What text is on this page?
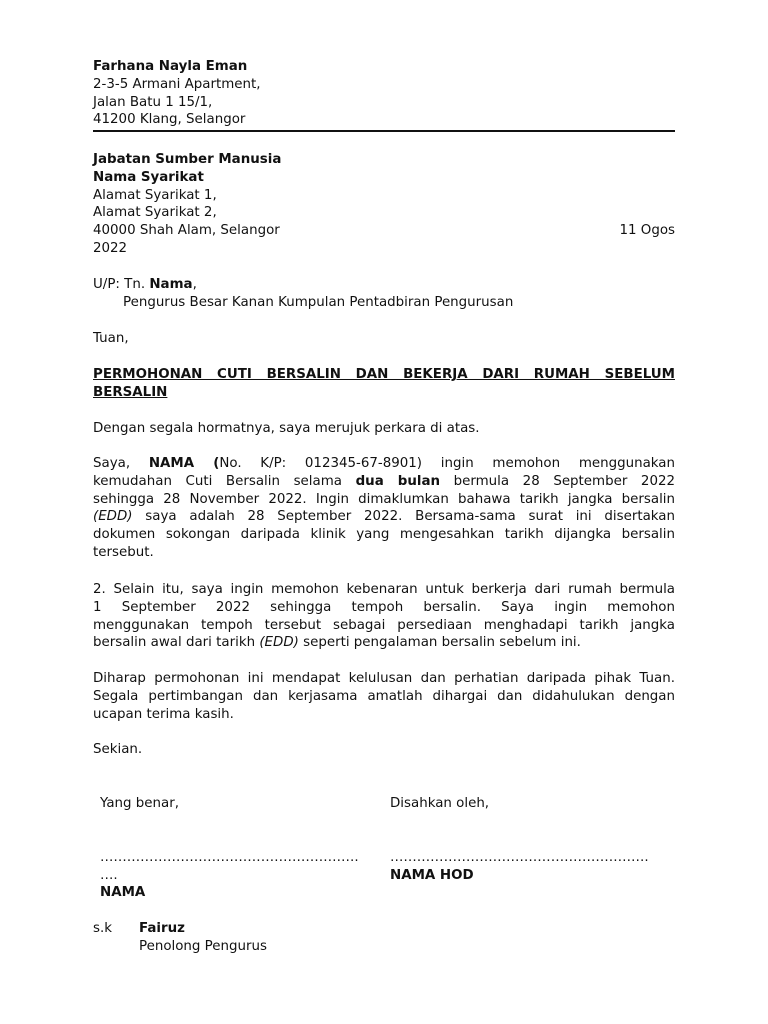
Farhana Nayla Eman
2-3-5 Armani Apartment,
Jalan Batu 1 15/1,
41200 Klang, Selangor
Jabatan Sumber Manusia
Nama Syarikat
Alamat Syarikat 1,
Alamat Syarikat 2,
40000 Shah Alam, Selangor	11 Ogos
2022
U/P: Tn. Nama,
Pengurus Besar Kanan Kumpulan Pentadbiran Pengurusan
Tuan,
PERMOHONAN CUTI BERSALIN DAN BEKERJA DARI RUMAH SEBELUM
BERSALIN
Dengan segala hormatnya, saya merujuk perkara di atas.
Saya, NAMA (No. K/P: 012345-67-8901) ingin memohon menggunakan
kemudahan Cuti Bersalin selama dua bulan bermula 28 September 2022
sehingga 28 November 2022. Ingin dimaklumkan bahawa tarikh jangka bersalin
(EDD) saya adalah 28 September 2022. Bersama-sama surat ini disertakan
dokumen sokongan daripada klinik yang mengesahkan tarikh dijangka bersalin
tersebut.
2. Selain itu, saya ingin memohon kebenaran untuk berkerja dari rumah bermula
1 September 2022 sehingga tempoh bersalin. Saya ingin memohon
menggunakan tempoh tersebut sebagai persediaan menghadapi tarikh jangka
bersalin awal dari tarikh (EDD) seperti pengalaman bersalin sebelum ini.
Diharap permohonan ini mendapat kelulusan dan perhatian daripada pihak Tuan.
Segala pertimbangan dan kerjasama amatlah dihargai dan didahulukan dengan
ucapan terima kasih.
Sekian.
Yang benar,
………………………………………………….
….
NAMA
Disahkan oleh,
………………………………………………….
NAMA HOD
s.k Fairuz
Penolong Pengurus
